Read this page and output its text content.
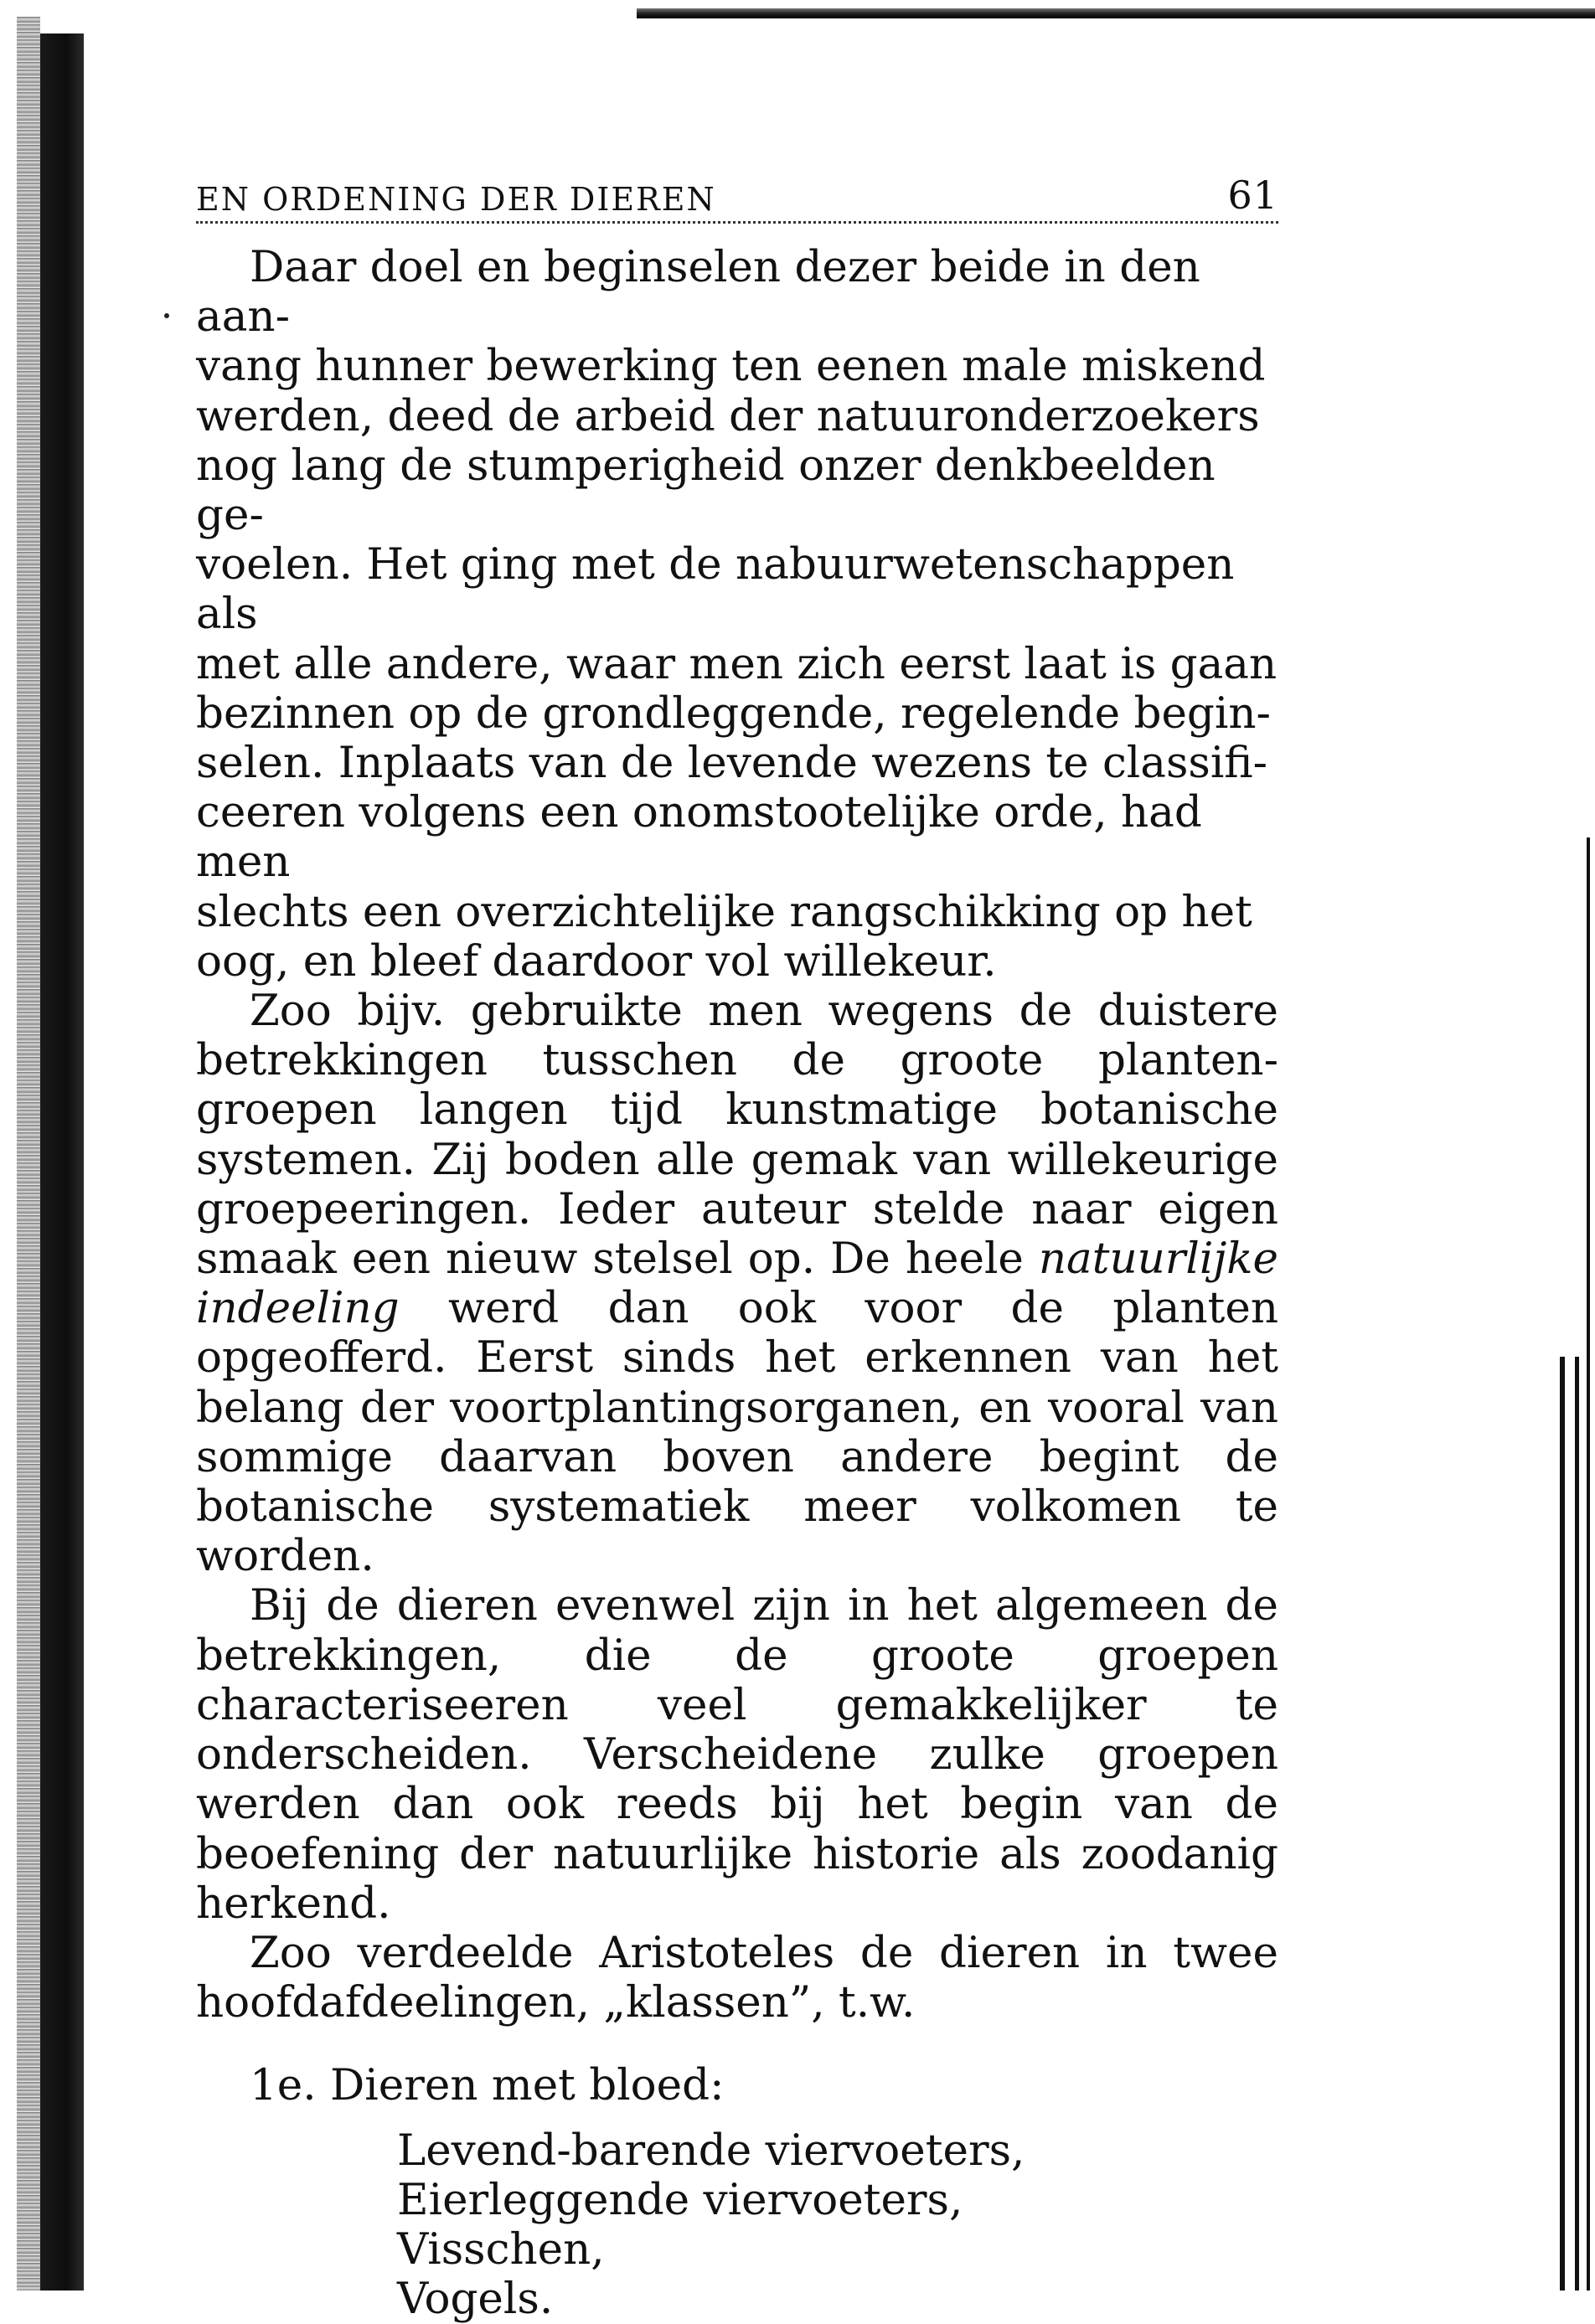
EN ORDENING DER DIEREN	61

Daar doel en beginselen dezer beide in den aan-
vang hunner bewerking ten eenen male miskend
werden, deed de arbeid der natuuronderzoekers
nog lang de stumperigheid onzer denkbeelden ge-
voelen. Het ging met de nabuurwetenschappen als
met alle andere, waar men zich eerst laat is gaan
bezinnen op de grondleggende, regelende begin-
selen. Inplaats van de levende wezens te classifi-
ceeren volgens een onomstootelijke orde, had men
slechts een overzichtelijke rangschikking op het
oog, en bleef daardoor vol willekeur.

Zoo bijv. gebruikte men wegens de duistere betrekkingen tusschen de groote planten-groepen langen tijd kunstmatige botanische systemen. Zij boden alle gemak van willekeurige groepeeringen. Ieder auteur stelde naar eigen smaak een nieuw stelsel op. De heele natuurlijke indeeling werd dan ook voor de planten opgeofferd. Eerst sinds het erkennen van het belang der voortplantingsorganen, en vooral van sommige daarvan boven andere begint de botanische systematiek meer volkomen te worden.

Bij de dieren evenwel zijn in het algemeen de betrekkingen, die de groote groepen characteriseeren veel gemakkelijker te onderscheiden. Verscheidene zulke groepen werden dan ook reeds bij het begin van de beoefening der natuurlijke historie als zoodanig herkend.

Zoo verdeelde Aristoteles de dieren in twee hoofdafdeelingen, „klassen”, t.w.

1e. Dieren met bloed:
Levend-barende viervoeters,
Eierleggende viervoeters,
Visschen,
Vogels.
